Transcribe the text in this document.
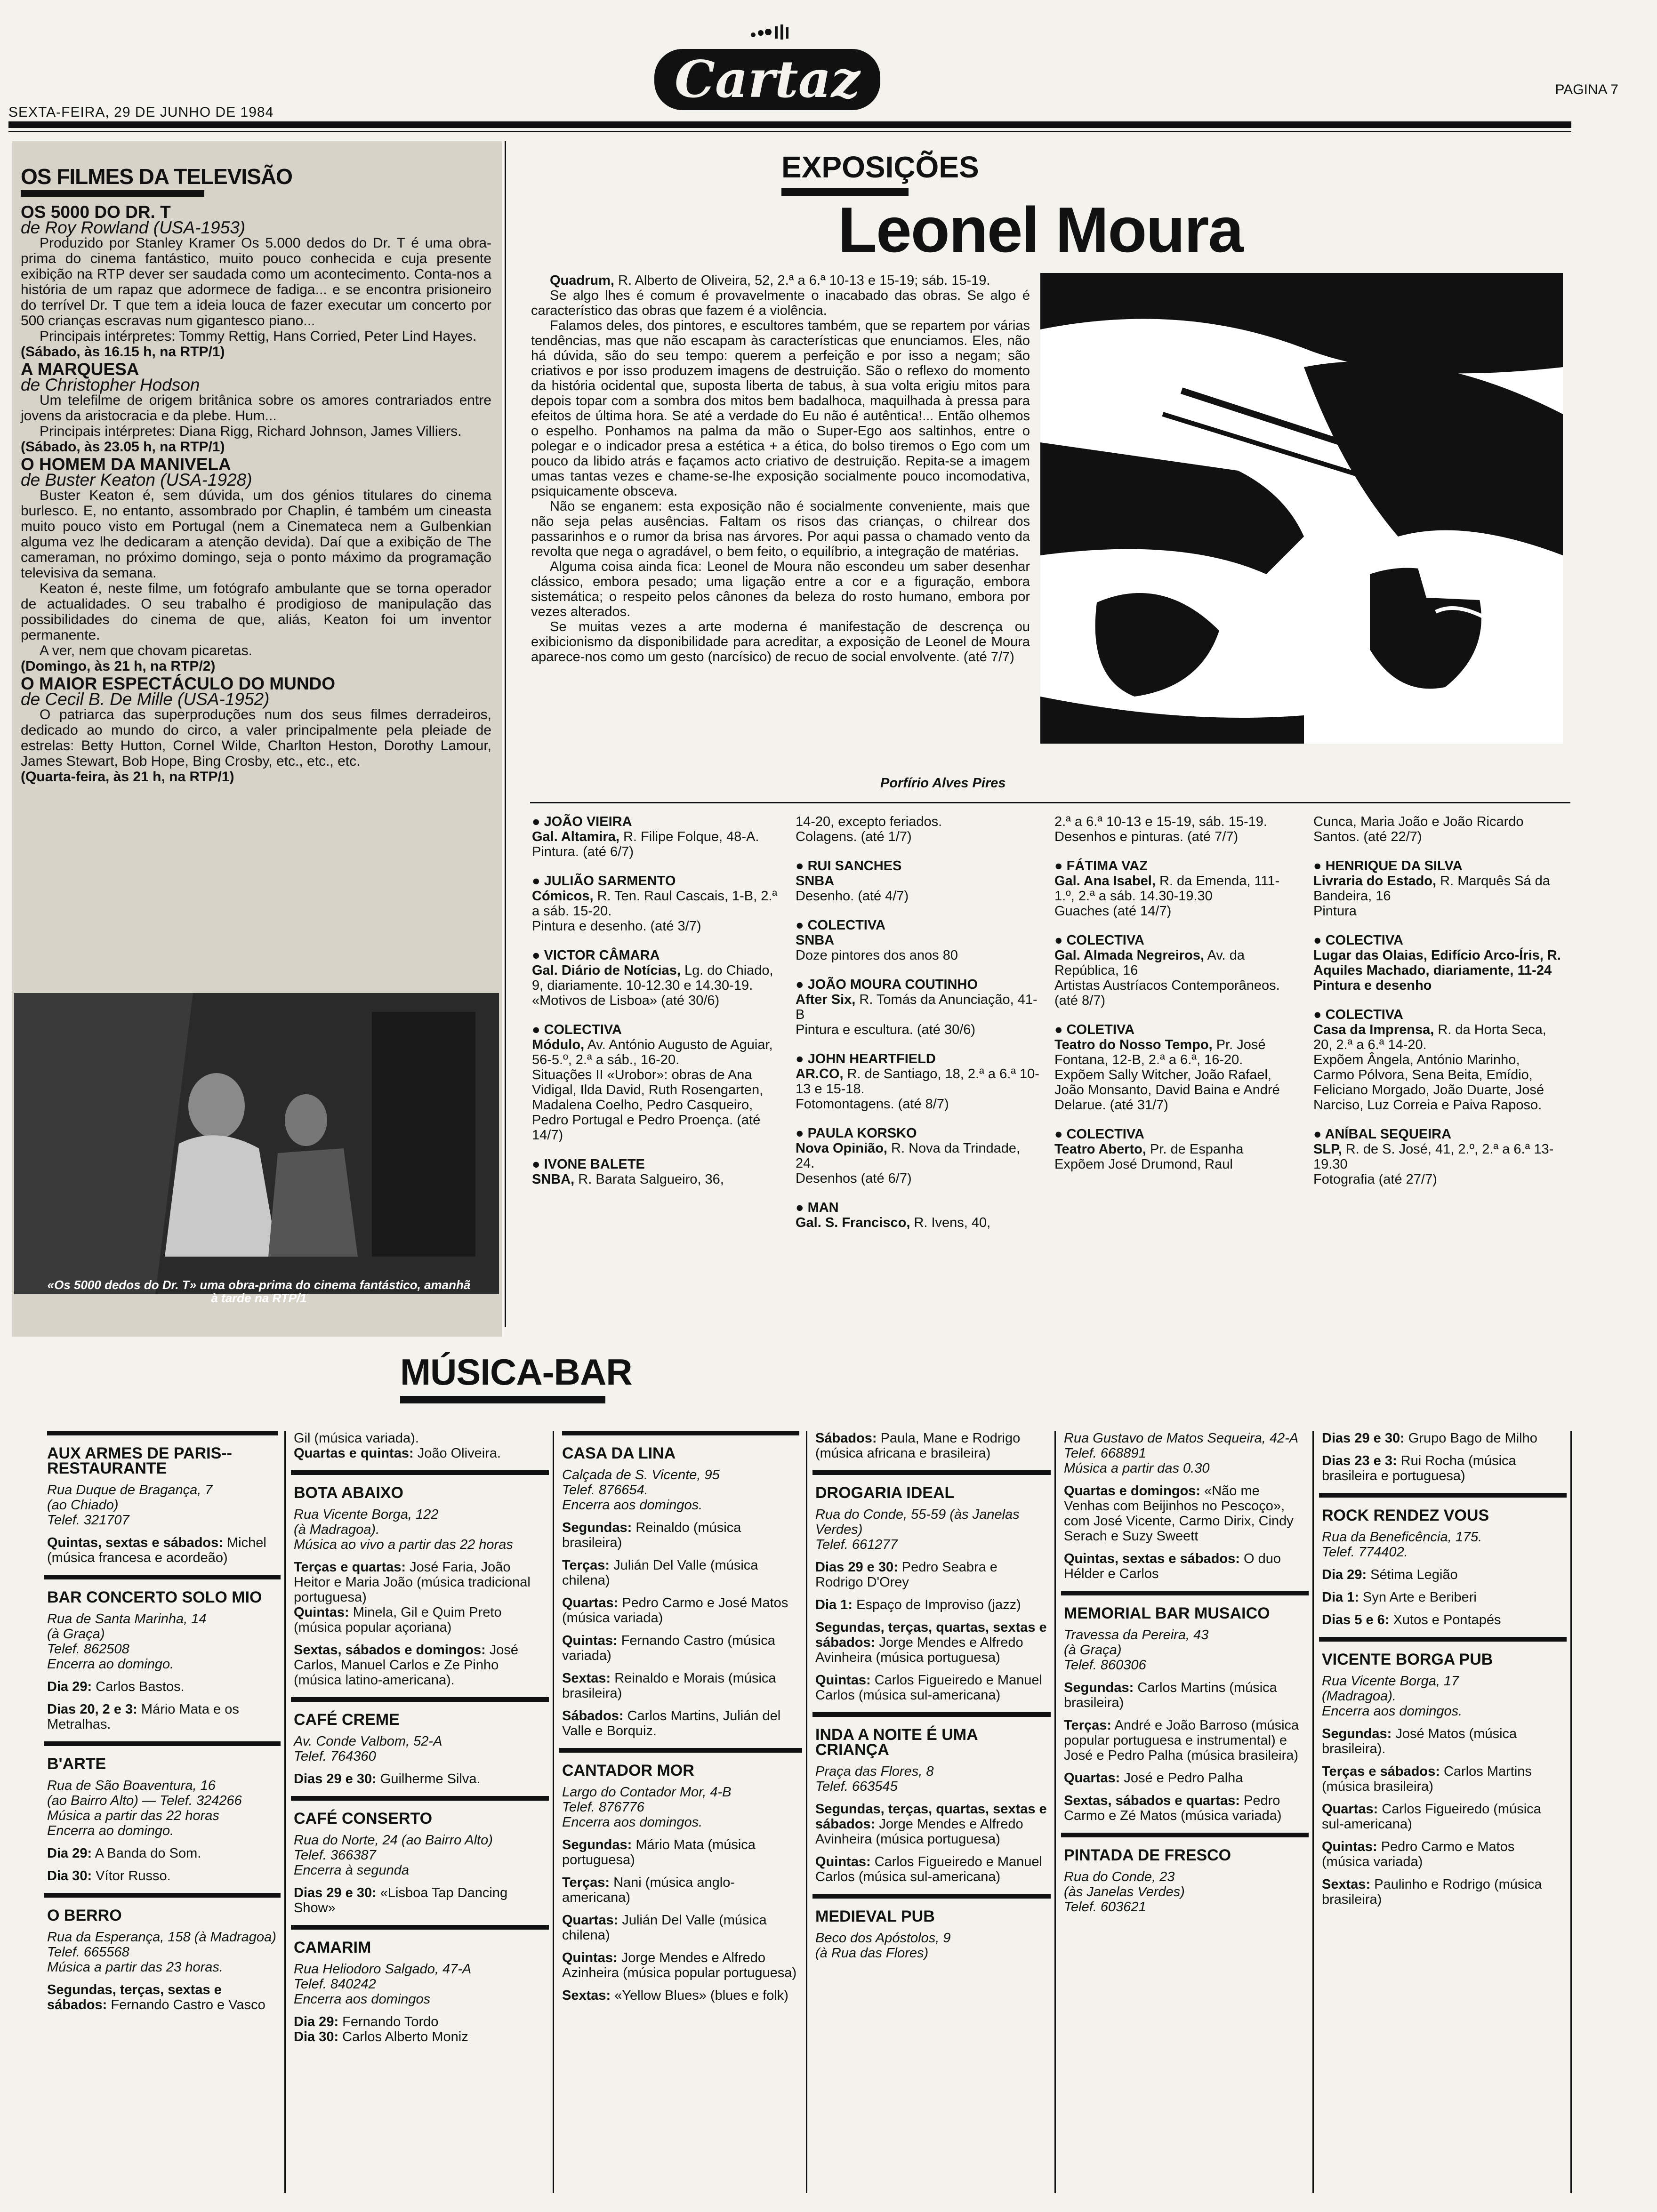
SEXTA-FEIRA, 29 DE JUNHO DE 1984
PAGINA 7
Cartaz
OS FILMES DA TELEVISÃO

OS 5000 DO DR. T

de Roy Rowland (USA-1953)

Produzido por Stanley Kramer Os 5.000 dedos do Dr. T é uma obra-prima do cinema fantástico, muito pouco conhecida e cuja presente exibição na RTP dever ser saudada como um acontecimento. Conta-nos a história de um rapaz que adormece de fadiga... e se encontra prisioneiro do terrível Dr. T que tem a ideia louca de fazer executar um concerto por 500 crianças escravas num gigantesco piano...

Principais intérpretes: Tommy Rettig, Hans Corried, Peter Lind Hayes.

(Sábado, às 16.15 h, na RTP/1)

A MARQUESA

de Christopher Hodson

Um telefilme de origem britânica sobre os amores contrariados entre jovens da aristocracia e da plebe. Hum...

Principais intérpretes: Diana Rigg, Richard Johnson, James Villiers.

(Sábado, às 23.05 h, na RTP/1)

O HOMEM DA MANIVELA

de Buster Keaton (USA-1928)

Buster Keaton é, sem dúvida, um dos génios titulares do cinema burlesco. E, no entanto, assombrado por Chaplin, é também um cineasta muito pouco visto em Portugal (nem a Cinemateca nem a Gulbenkian alguma vez lhe dedicaram a atenção devida). Daí que a exibição de The cameraman, no próximo domingo, seja o ponto máximo da programação televisiva da semana.

Keaton é, neste filme, um fotógrafo ambulante que se torna operador de actualidades. O seu trabalho é prodigioso de manipulação das possibilidades do cinema de que, aliás, Keaton foi um inventor permanente.

A ver, nem que chovam picaretas.

(Domingo, às 21 h, na RTP/2)

O MAIOR ESPECTÁCULO DO MUNDO

de Cecil B. De Mille (USA-1952)

O patriarca das superproduções num dos seus filmes derradeiros, dedicado ao mundo do circo, a valer principalmente pela pleiade de estrelas: Betty Hutton, Cornel Wilde, Charlton Heston, Dorothy Lamour, James Stewart, Bob Hope, Bing Crosby, etc., etc., etc.

(Quarta-feira, às 21 h, na RTP/1)

«Os 5000 dedos do Dr. T» uma obra-prima do cinema fantástico, amanhã à tarde na RTP/1
EXPOSIÇÕES
Leonel Moura

Quadrum, R. Alberto de Oliveira, 52, 2.ª a 6.ª 10-13 e 15-19; sáb. 15-19.

Se algo lhes é comum é provavelmente o inacabado das obras. Se algo é característico das obras que fazem é a violência.

Falamos deles, dos pintores, e escultores também, que se repartem por várias tendências, mas que não escapam às características que enunciamos. Eles, não há dúvida, são do seu tempo: querem a perfeição e por isso a negam; são criativos e por isso produzem imagens de destruição. São o reflexo do momento da história ocidental que, suposta liberta de tabus, à sua volta erigiu mitos para depois topar com a sombra dos mitos bem badalhoca, maquilhada à pressa para efeitos de última hora. Se até a verdade do Eu não é autêntica!... Então olhemos o espelho. Ponhamos na palma da mão o Super-Ego aos saltinhos, entre o polegar e o indicador presa a estética + a ética, do bolso tiremos o Ego com um pouco da libido atrás e façamos acto criativo de destruição. Repita-se a imagem umas tantas vezes e chame-se-lhe exposição socialmente pouco incomodativa, psiquicamente obsceva.

Não se enganem: esta exposição não é socialmente conveniente, mais que não seja pelas ausências. Faltam os risos das crianças, o chilrear dos passarinhos e o rumor da brisa nas árvores. Por aqui passa o chamado vento da revolta que nega o agradável, o bem feito, o equilíbrio, a integração de matérias.

Alguma coisa ainda fica: Leonel de Moura não escondeu um saber desenhar clássico, embora pesado; uma ligação entre a cor e a figuração, embora sistemática; o respeito pelos cânones da beleza do rosto humano, embora por vezes alterados.

Se muitas vezes a arte moderna é manifestação de descrença ou exibicionismo da disponibilidade para acreditar, a exposição de Leonel de Moura aparece-nos como um gesto (narcísico) de recuo de social envolvente. (até 7/7)

Porfírio Alves Pires
● JOÃO VIEIRA
Gal. Altamira, R. Filipe Folque, 48-A.
Pintura. (até 6/7)
● JULIÃO SARMENTO
Cómicos, R. Ten. Raul Cascais, 1-B, 2.ª a sáb. 15-20.
Pintura e desenho. (até 3/7)
● VICTOR CÂMARA
Gal. Diário de Notícias, Lg. do Chiado, 9, diariamente. 10-12.30 e 14.30-19.
«Motivos de Lisboa» (até 30/6)
● COLECTIVA
Módulo, Av. António Augusto de Aguiar, 56-5.º, 2.ª a sáb., 16-20.
Situações II «Urobor»: obras de Ana Vidigal, Ilda David, Ruth Rosengarten, Madalena Coelho, Pedro Casqueiro, Pedro Portugal e Pedro Proença. (até 14/7)
● IVONE BALETE
SNBA, R. Barata Salgueiro, 36,
14-20, excepto feriados.
Colagens. (até 1/7)
● RUI SANCHES
SNBA
Desenho. (até 4/7)
● COLECTIVA
SNBA
Doze pintores dos anos 80
● JOÃO MOURA COUTINHO
After Six, R. Tomás da Anunciação, 41-B
Pintura e escultura. (até 30/6)
● JOHN HEARTFIELD
AR.CO, R. de Santiago, 18, 2.ª a 6.ª 10-13 e 15-18.
Fotomontagens. (até 8/7)
● PAULA KORSKO
Nova Opinião, R. Nova da Trindade, 24.
Desenhos (até 6/7)
● MAN
Gal. S. Francisco, R. Ivens, 40,
2.ª a 6.ª 10-13 e 15-19, sáb. 15-19.
Desenhos e pinturas. (até 7/7)
● FÁTIMA VAZ
Gal. Ana Isabel, R. da Emenda, 111-1.º, 2.ª a sáb. 14.30-19.30
Guaches (até 14/7)
● COLECTIVA
Gal. Almada Negreiros, Av. da República, 16
Artistas Austríacos Contemporâneos. (até 8/7)
● COLETIVA
Teatro do Nosso Tempo, Pr. José Fontana, 12-B, 2.ª a 6.ª, 16-20.
Expõem Sally Witcher, João Rafael, João Monsanto, David Baina e André Delarue. (até 31/7)
● COLECTIVA
Teatro Aberto, Pr. de Espanha
Expõem José Drumond, Raul
Cunca, Maria João e João Ricardo Santos. (até 22/7)
● HENRIQUE DA SILVA
Livraria do Estado, R. Marquês Sá da Bandeira, 16
Pintura
● COLECTIVA
Lugar das Olaias, Edifício Arco-Íris, R. Aquiles Machado, diariamente, 11-24
Pintura e desenho
● COLECTIVA
Casa da Imprensa, R. da Horta Seca, 20, 2.ª a 6.ª 14-20.
Expõem Ângela, António Marinho, Carmo Pólvora, Sena Beita, Emídio, Feliciano Morgado, João Duarte, José Narciso, Luz Correia e Paiva Raposo.
● ANÍBAL SEQUEIRA
SLP, R. de S. José, 41, 2.º, 2.ª a 6.ª 13-19.30
Fotografia (até 27/7)
MÚSICA-BAR
AUX ARMES DE PARIS--RESTAURANTE

Rua Duque de Bragança, 7

(ao Chiado)

Telef. 321707

Quintas, sextas e sábados: Michel (música francesa e acordeão)

BAR CONCERTO SOLO MIO

Rua de Santa Marinha, 14

(à Graça)

Telef. 862508

Encerra ao domingo.

Dia 29: Carlos Bastos.

Dias 20, 2 e 3: Mário Mata e os Metralhas.

B'ARTE

Rua de São Boaventura, 16

(ao Bairro Alto) — Telef. 324266

Música a partir das 22 horas

Encerra ao domingo.

Dia 29: A Banda do Som.

Dia 30: Vítor Russo.

O BERRO

Rua da Esperança, 158 (à Madragoa)

Telef. 665568

Música a partir das 23 horas.

Segundas, terças, sextas e sábados: Fernando Castro e Vasco

Gil (música variada).

Quartas e quintas: João Oliveira.

BOTA ABAIXO

Rua Vicente Borga, 122

(à Madragoa).

Música ao vivo a partir das 22 horas

Terças e quartas: José Faria, João Heitor e Maria João (música tradicional portuguesa)

Quintas: Minela, Gil e Quim Preto (música popular açoriana)

Sextas, sábados e domingos: José Carlos, Manuel Carlos e Ze Pinho (música latino-americana).

CAFÉ CREME

Av. Conde Valbom, 52-A

Telef. 764360

Dias 29 e 30: Guilherme Silva.

CAFÉ CONSERTO

Rua do Norte, 24 (ao Bairro Alto)

Telef. 366387

Encerra à segunda

Dias 29 e 30: «Lisboa Tap Dancing Show»

CAMARIM

Rua Heliodoro Salgado, 47-A

Telef. 840242

Encerra aos domingos

Dia 29: Fernando Tordo

Dia 30: Carlos Alberto Moniz

CASA DA LINA

Calçada de S. Vicente, 95

Telef. 876654.

Encerra aos domingos.

Segundas: Reinaldo (música brasileira)

Terças: Julián Del Valle (música chilena)

Quartas: Pedro Carmo e José Matos (música variada)

Quintas: Fernando Castro (música variada)

Sextas: Reinaldo e Morais (música brasileira)

Sábados: Carlos Martins, Julián del Valle e Borquiz.

CANTADOR MOR

Largo do Contador Mor, 4-B

Telef. 876776

Encerra aos domingos.

Segundas: Mário Mata (música portuguesa)

Terças: Nani (música anglo-americana)

Quartas: Julián Del Valle (música chilena)

Quintas: Jorge Mendes e Alfredo Azinheira (música popular portuguesa)

Sextas: «Yellow Blues» (blues e folk)

Sábados: Paula, Mane e Rodrigo (música africana e brasileira)

DROGARIA IDEAL

Rua do Conde, 55-59 (às Janelas Verdes)

Telef. 661277

Dias 29 e 30: Pedro Seabra e Rodrigo D'Orey

Dia 1: Espaço de Improviso (jazz)

Segundas, terças, quartas, sextas e sábados: Jorge Mendes e Alfredo Avinheira (música portuguesa)

Quintas: Carlos Figueiredo e Manuel Carlos (música sul-americana)

INDA A NOITE É UMA CRIANÇA

Praça das Flores, 8

Telef. 663545

Segundas, terças, quartas, sextas e sábados: Jorge Mendes e Alfredo Avinheira (música portuguesa)

Quintas: Carlos Figueiredo e Manuel Carlos (música sul-americana)

MEDIEVAL PUB

Beco dos Apóstolos, 9

(à Rua das Flores)

Rua Gustavo de Matos Sequeira, 42-A

Telef. 668891

Música a partir das 0.30

Quartas e domingos: «Não me Venhas com Beijinhos no Pescoço», com José Vicente, Carmo Dirix, Cindy Serach e Suzy Sweett

Quintas, sextas e sábados: O duo Hélder e Carlos

MEMORIAL BAR MUSAICO

Travessa da Pereira, 43

(à Graça)

Telef. 860306

Segundas: Carlos Martins (música brasileira)

Terças: André e João Barroso (música popular portuguesa e instrumental) e José e Pedro Palha (música brasileira)

Quartas: José e Pedro Palha

Sextas, sábados e quartas: Pedro Carmo e Zé Matos (música variada)

PINTADA DE FRESCO

Rua do Conde, 23

(às Janelas Verdes)

Telef. 603621

Dias 29 e 30: Grupo Bago de Milho

Dias 23 e 3: Rui Rocha (música brasileira e portuguesa)

ROCK RENDEZ VOUS

Rua da Beneficência, 175.

Telef. 774402.

Dia 29: Sétima Legião

Dia 1: Syn Arte e Beriberi

Dias 5 e 6: Xutos e Pontapés

VICENTE BORGA PUB

Rua Vicente Borga, 17

(Madragoa).

Encerra aos domingos.

Segundas: José Matos (música brasileira).

Terças e sábados: Carlos Martins (música brasileira)

Quartas: Carlos Figueiredo (música sul-americana)

Quintas: Pedro Carmo e Matos (música variada)

Sextas: Paulinho e Rodrigo (música brasileira)
